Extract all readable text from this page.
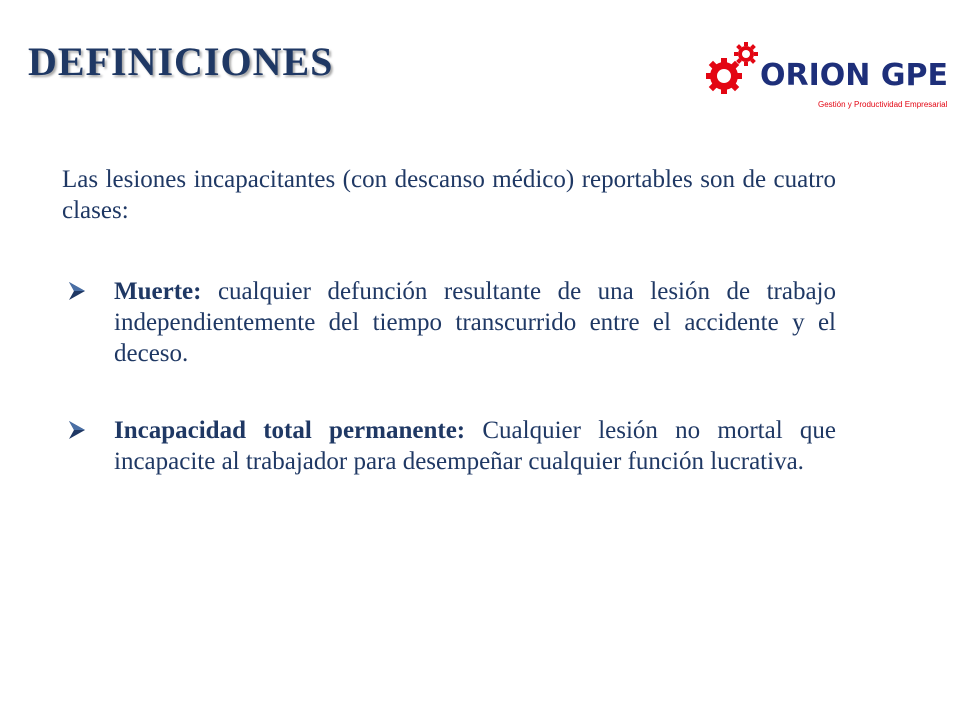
DEFINICIONES	ORION GPE
Gestión y Productividad Empresarial

Las lesiones incapacitantes (con descanso médico) reportables son de cuatro clases:

Muerte: cualquier defunción resultante de una lesión de trabajo independientemente del tiempo transcurrido entre el accidente y el deceso.
Incapacidad total permanente: Cualquier lesión no mortal que incapacite al trabajador para desempeñar cualquier función lucrativa.
